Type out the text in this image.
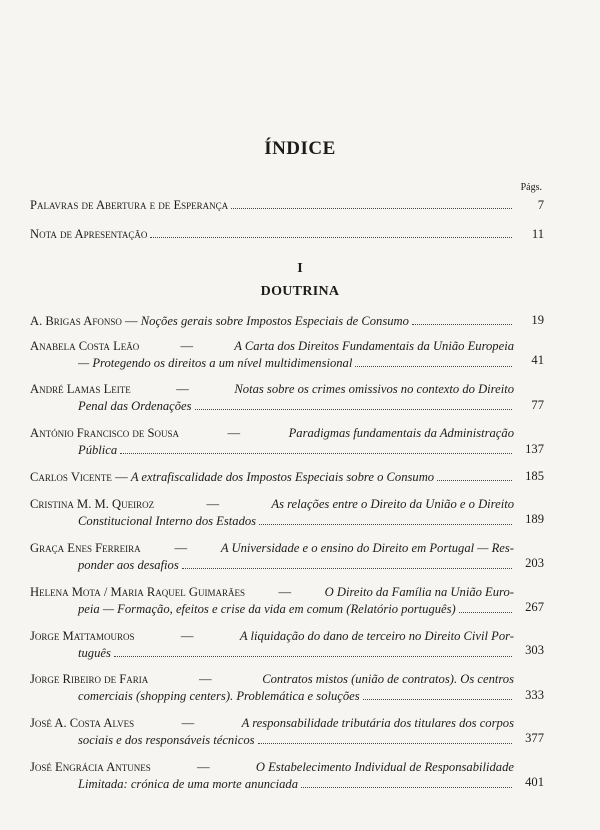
ÍNDICE
Págs.
Palavras de Abertura e de Esperança	7
Nota de Apresentação	11
I
DOUTRINA
A. Brigas Afonso — Noções gerais sobre Impostos Especiais de Consumo	19
Anabela Costa Leão	—	A Carta dos Direitos Fundamentais da União Europeia
— Protegendo os direitos a um nível multidimensional	41
André Lamas Leite	—	Notas sobre os crimes omissivos no contexto do Direito
Penal das Ordenações	77
António Francisco de Sousa	—	Paradigmas fundamentais da Administração
Pública	137
Carlos Vicente — A extrafiscalidade dos Impostos Especiais sobre o Consumo	185
Cristina M. M. Queiroz	—	As relações entre o Direito da União e o Direito
Constitucional Interno dos Estados	189
Graça Enes Ferreira — A Universidade e o ensino do Direito em Portugal — Res-
ponder aos desafios	203
Helena Mota / Maria Raquel Guimarães — O Direito da Família na União Euro-
peia — Formação, efeitos e crise da vida em comum (Relatório português)	267
Jorge Mattamouros	—	A liquidação do dano de terceiro no Direito Civil Por-
tuguês	303
Jorge Ribeiro de Faria	—	Contratos mistos (união de contratos). Os centros
comerciais (shopping centers). Problemática e soluções	333
José A. Costa Alves	—	A responsabilidade tributária dos titulares dos corpos
sociais e dos responsáveis técnicos	377
José Engrácia Antunes	—	O Estabelecimento Individual de Responsabilidade
Limitada: crónica de uma morte anunciada	401
